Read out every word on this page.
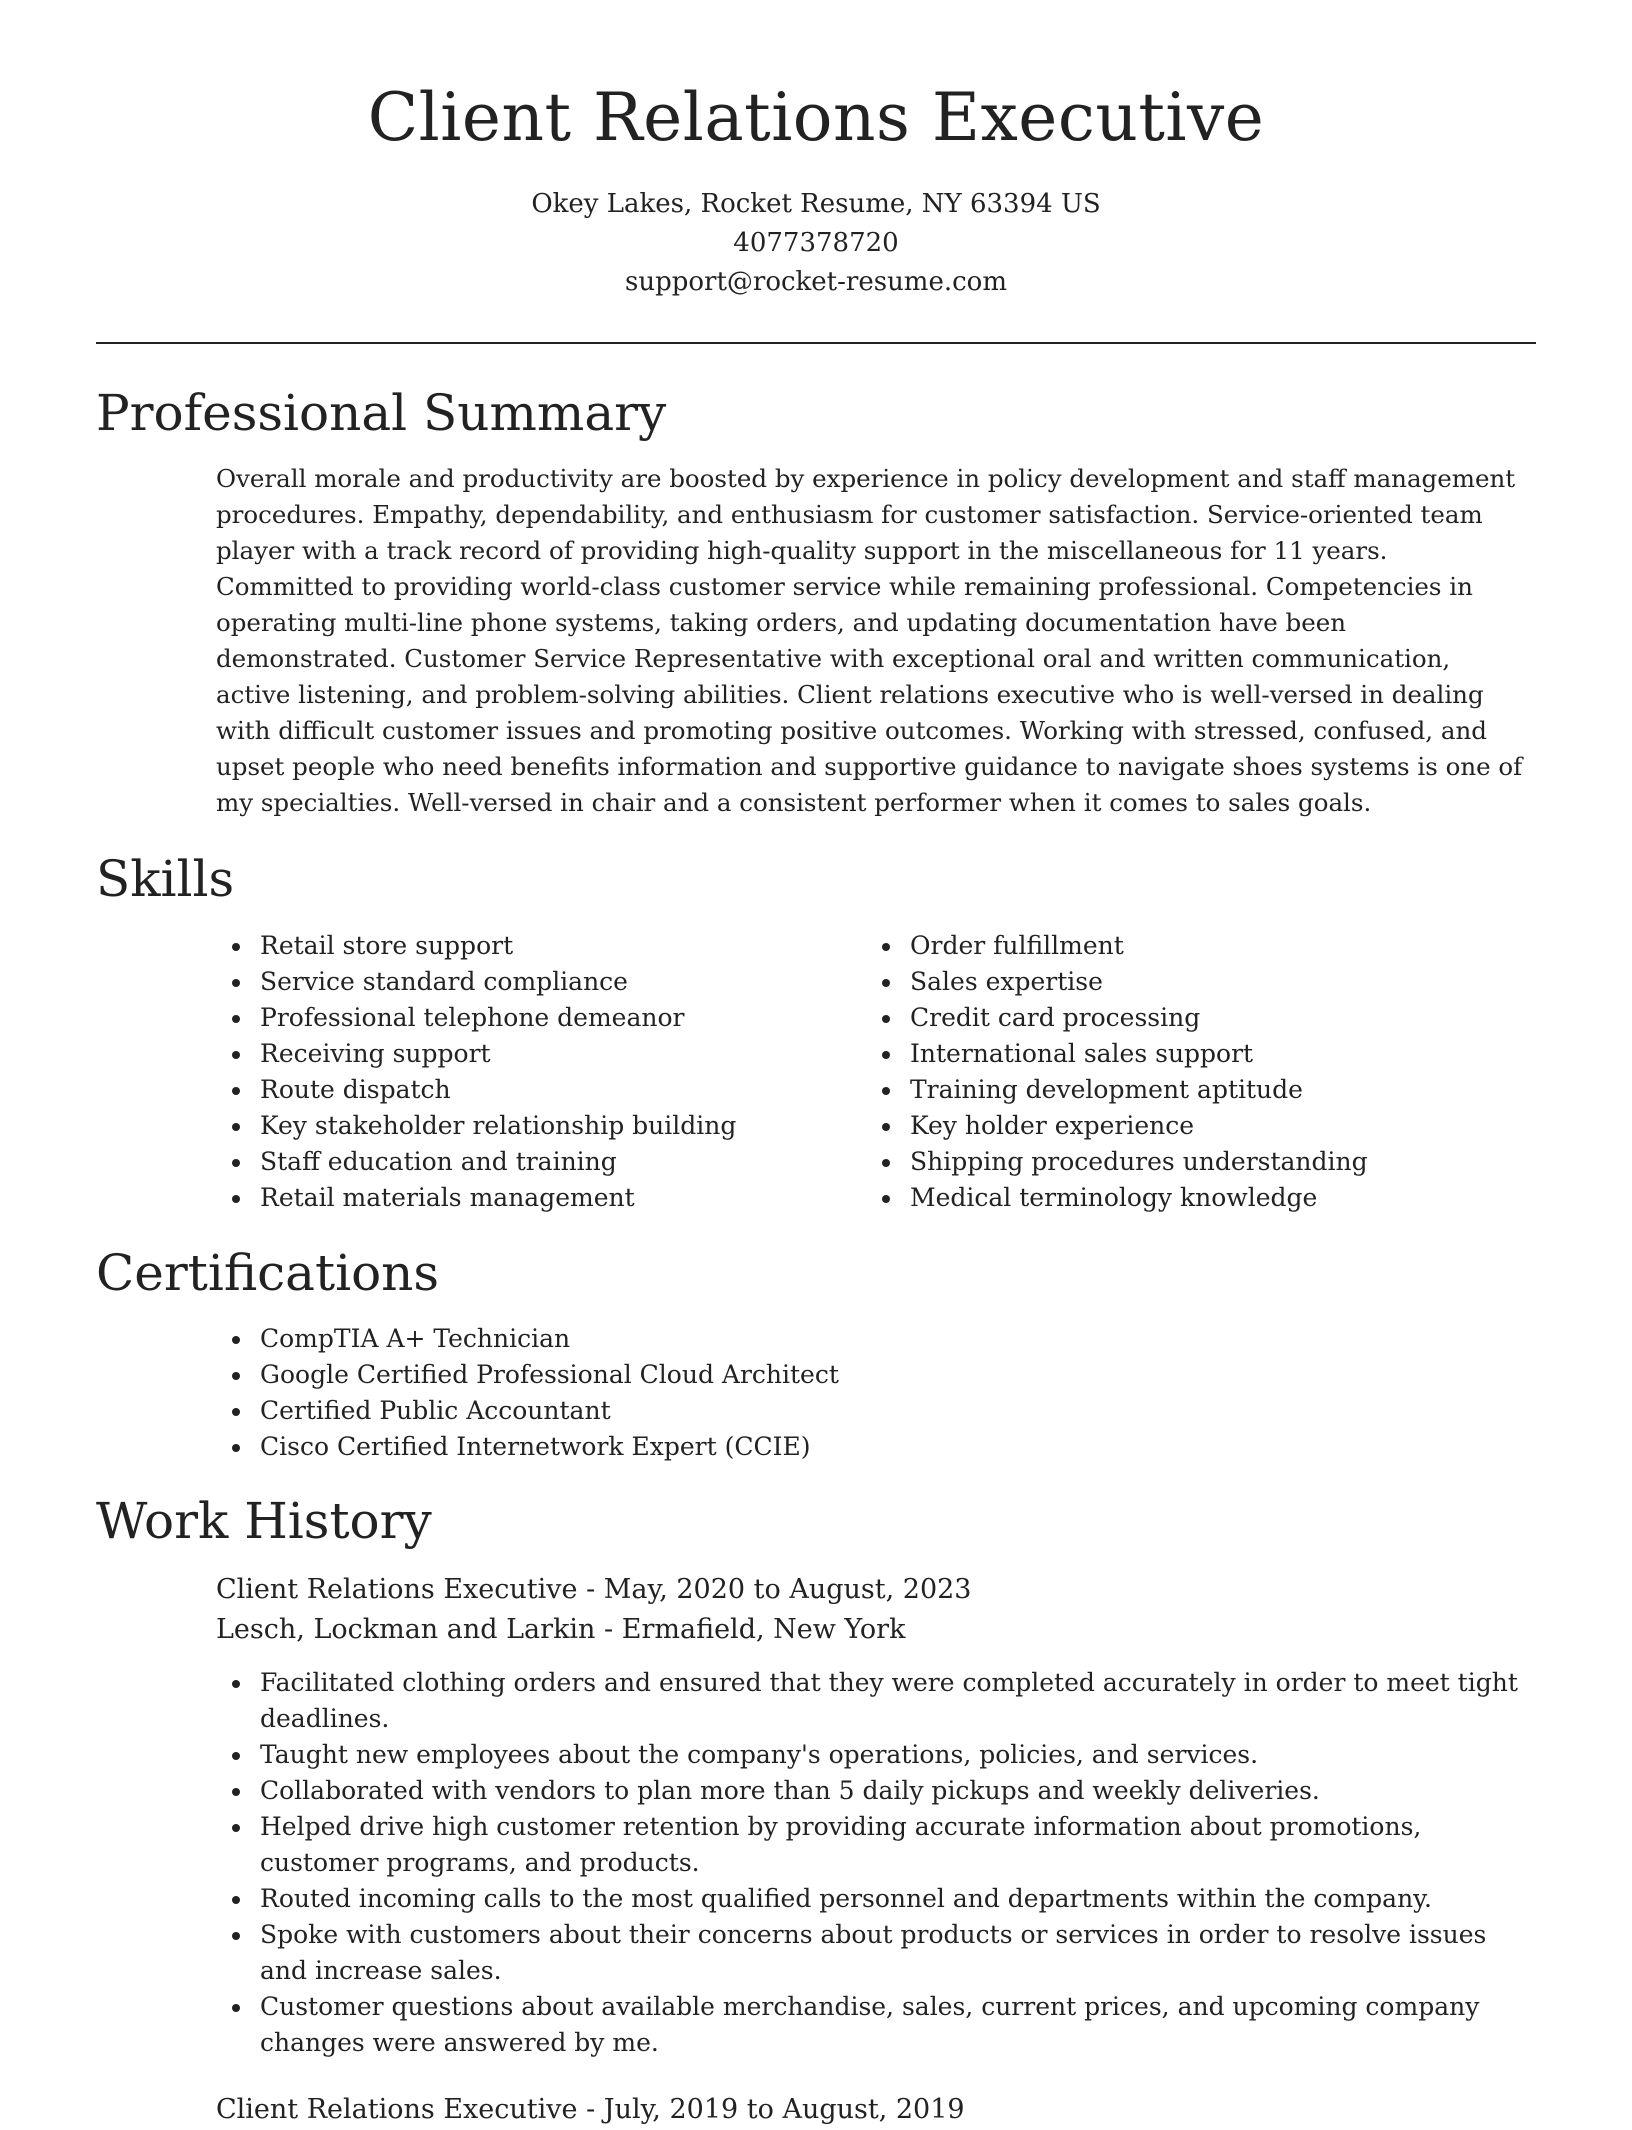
Client Relations Executive
Okey Lakes, Rocket Resume, NY 63394 US
4077378720
support@rocket-resume.com
Professional Summary

Overall morale and productivity are boosted by experience in policy development and staff management procedures. Empathy, dependability, and enthusiasm for customer satisfaction. Service-oriented team player with a track record of providing high-quality support in the miscellaneous for 11 years. Committed to providing world-class customer service while remaining professional. Competencies in operating multi-line phone systems, taking orders, and updating documentation have been demonstrated. Customer Service Representative with exceptional oral and written communication, active listening, and problem-solving abilities. Client relations executive who is well-versed in dealing with difficult customer issues and promoting positive outcomes. Working with stressed, confused, and upset people who need benefits information and supportive guidance to navigate shoes systems is one of my specialties. Well-versed in chair and a consistent performer when it comes to sales goals.

Skills
Retail store support
Service standard compliance
Professional telephone demeanor
Receiving support
Route dispatch
Key stakeholder relationship building
Staff education and training
Retail materials management
Order fulfillment
Sales expertise
Credit card processing
International sales support
Training development aptitude
Key holder experience
Shipping procedures understanding
Medical terminology knowledge
Certifications
CompTIA A+ Technician
Google Certified Professional Cloud Architect
Certified Public Accountant
Cisco Certified Internetwork Expert (CCIE)
Work History
Client Relations Executive - May, 2020 to August, 2023
Lesch, Lockman and Larkin - Ermafield, New York
Facilitated clothing orders and ensured that they were completed accurately in order to meet tight deadlines.
Taught new employees about the company's operations, policies, and services.
Collaborated with vendors to plan more than 5 daily pickups and weekly deliveries.
Helped drive high customer retention by providing accurate information about promotions, customer programs, and products.
Routed incoming calls to the most qualified personnel and departments within the company.
Spoke with customers about their concerns about products or services in order to resolve issues and increase sales.
Customer questions about available merchandise, sales, current prices, and upcoming company changes were answered by me.
Client Relations Executive - July, 2019 to August, 2019
